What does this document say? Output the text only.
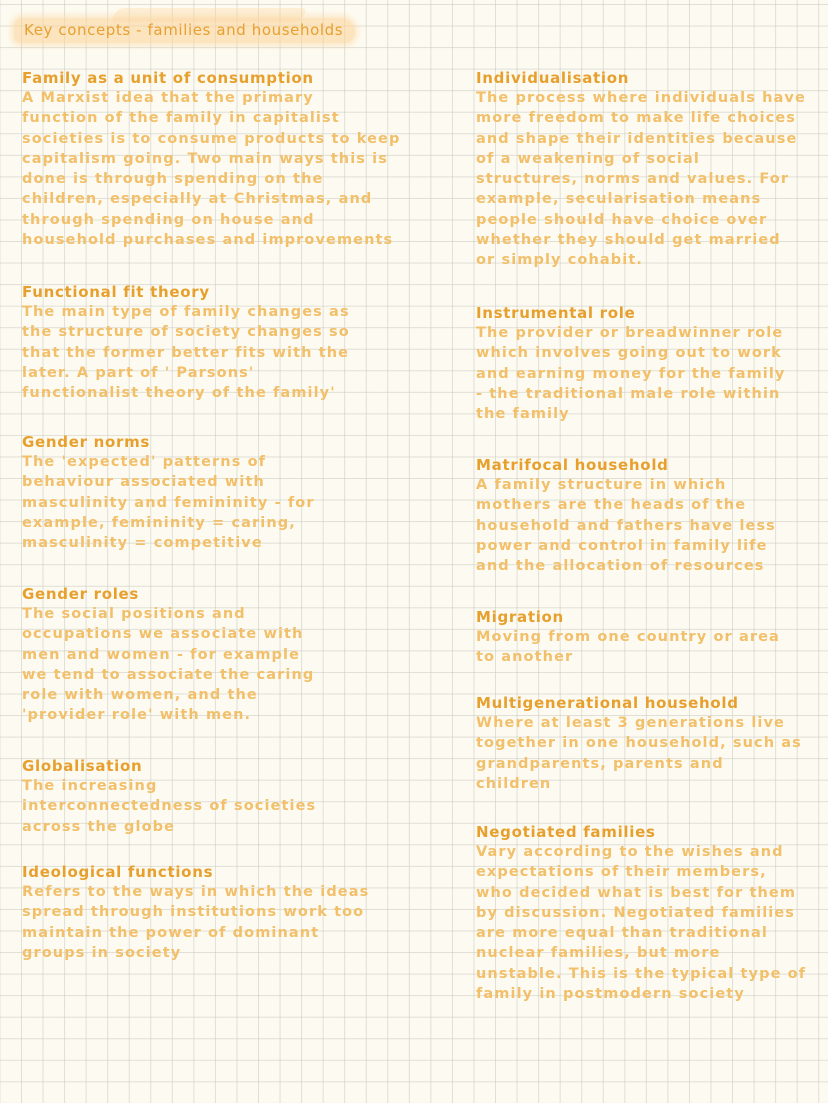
Key concepts - families and households
Family as a unit of consumption
A Marxist idea that the primary
function of the family in capitalist
societies is to consume products to keep
capitalism going. Two main ways this is
done is through spending on the
children, especially at Christmas, and
through spending on house and
household purchases and improvements
Functional fit theory
The main type of family changes as
the structure of society changes so
that the former better fits with the
later. A part of ' Parsons'
functionalist theory of the family'
Gender norms
The 'expected' patterns of
behaviour associated with
masculinity and femininity - for
example, femininity = caring,
masculinity = competitive
Gender roles
The social positions and
occupations we associate with
men and women - for example
we tend to associate the caring
role with women, and the
'provider role' with men.
Globalisation
The increasing
interconnectedness of societies
across the globe
Ideological functions
Refers to the ways in which the ideas
spread through institutions work too
maintain the power of dominant
groups in society
Individualisation
The process where individuals have
more freedom to make life choices
and shape their identities because
of a weakening of social
structures, norms and values. For
example, secularisation means
people should have choice over
whether they should get married
or simply cohabit.
Instrumental role
The provider or breadwinner role
which involves going out to work
and earning money for the family
- the traditional male role within
the family
Matrifocal household
A family structure in which
mothers are the heads of the
household and fathers have less
power and control in family life
and the allocation of resources
Migration
Moving from one country or area
to another
Multigenerational household
Where at least 3 generations live
together in one household, such as
grandparents, parents and
children
Negotiated families
Vary according to the wishes and
expectations of their members,
who decided what is best for them
by discussion. Negotiated families
are more equal than traditional
nuclear families, but more
unstable. This is the typical type of
family in postmodern society
